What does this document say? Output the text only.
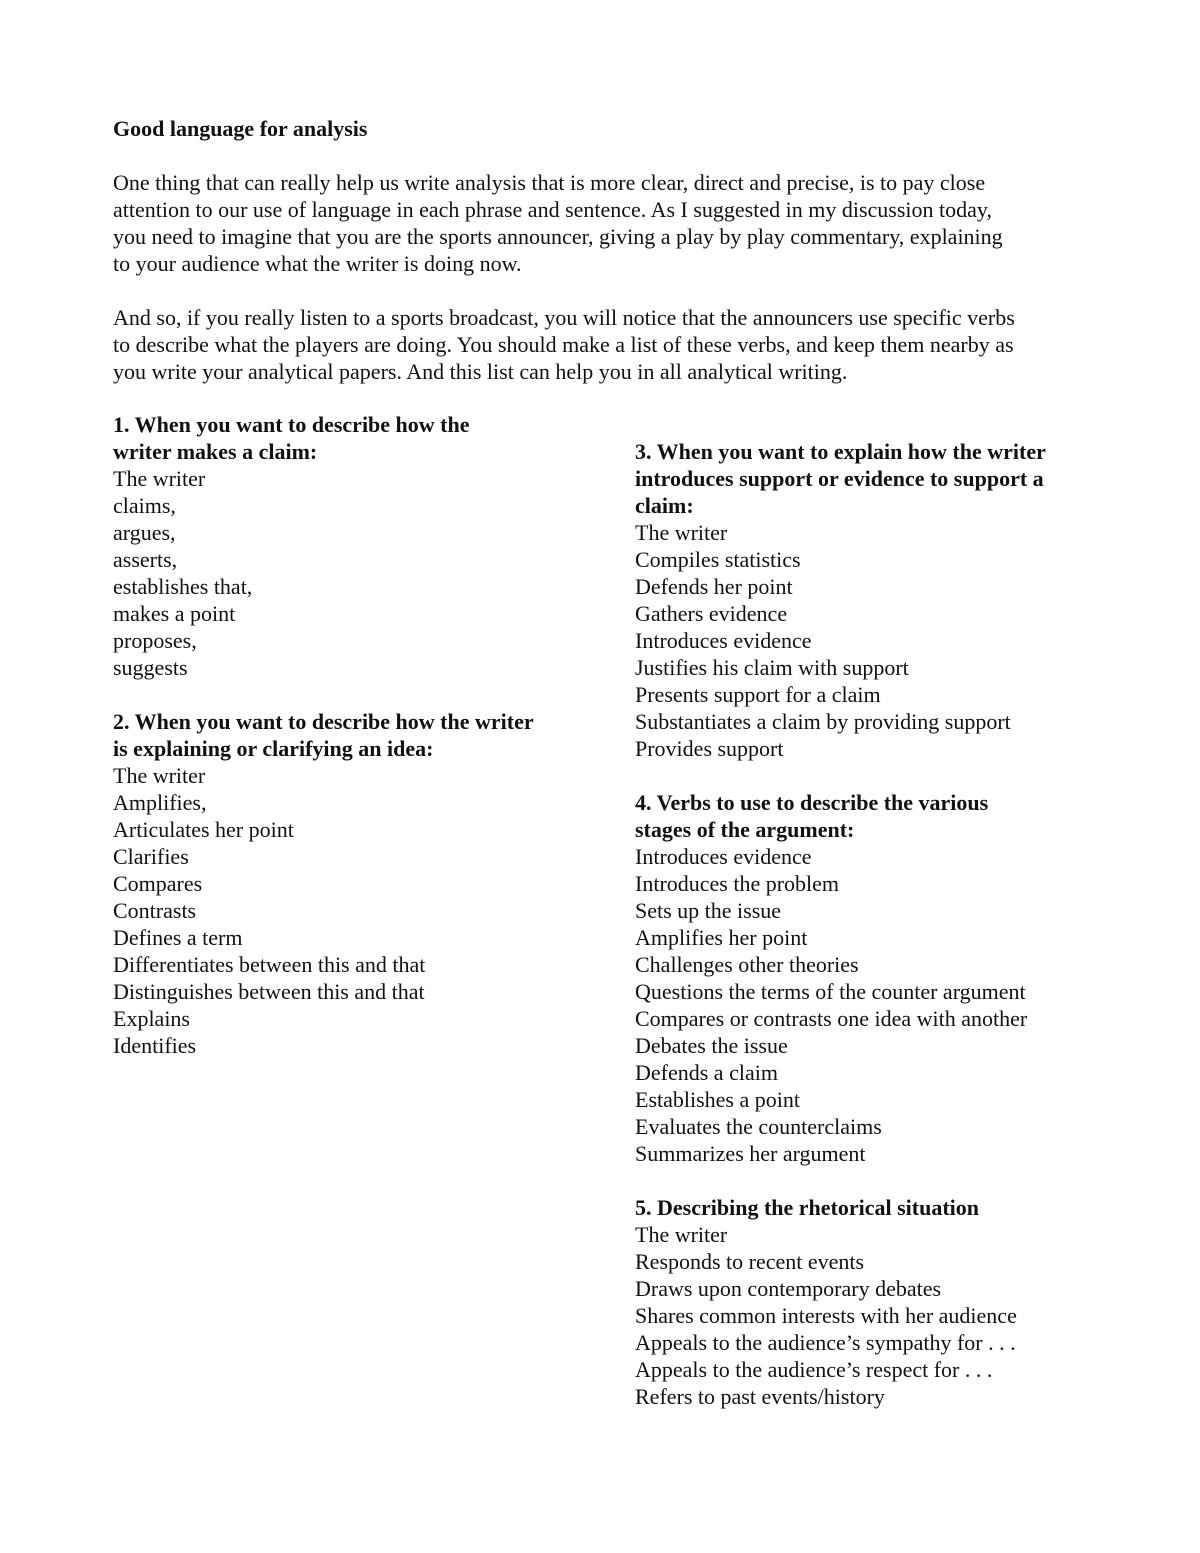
Good language for analysis
One thing that can really help us write analysis that is more clear, direct and precise, is to pay close
attention to our use of language in each phrase and sentence. As I suggested in my discussion today,
you need to imagine that you are the sports announcer, giving a play by play commentary, explaining
to your audience what the writer is doing now.
And so, if you really listen to a sports broadcast, you will notice that the announcers use specific verbs
to describe what the players are doing. You should make a list of these verbs, and keep them nearby as
you write your analytical papers. And this list can help you in all analytical writing.
1. When you want to describe how the
writer makes a claim:
The writer
claims,
argues,
asserts,
establishes that,
makes a point
proposes,
suggests
2. When you want to describe how the writer
is explaining or clarifying an idea:
The writer
Amplifies,
Articulates her point
Clarifies
Compares
Contrasts
Defines a term
Differentiates between this and that
Distinguishes between this and that
Explains
Identifies
3. When you want to explain how the writer
introduces support or evidence to support a
claim:
The writer
Compiles statistics
Defends her point
Gathers evidence
Introduces evidence
Justifies his claim with support
Presents support for a claim
Substantiates a claim by providing support
Provides support
4. Verbs to use to describe the various
stages of the argument:
Introduces evidence
Introduces the problem
Sets up the issue
Amplifies her point
Challenges other theories
Questions the terms of the counter argument
Compares or contrasts one idea with another
Debates the issue
Defends a claim
Establishes a point
Evaluates the counterclaims
Summarizes her argument
5. Describing the rhetorical situation
The writer
Responds to recent events
Draws upon contemporary debates
Shares common interests with her audience
Appeals to the audience’s sympathy for . . .
Appeals to the audience’s respect for . . .
Refers to past events/history
